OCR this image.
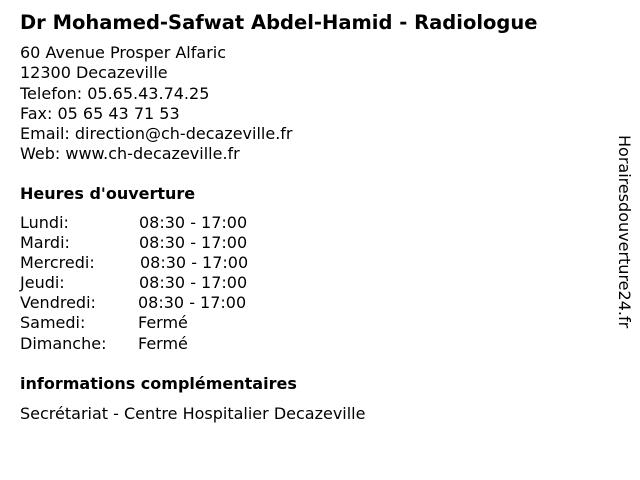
Dr Mohamed-Safwat Abdel-Hamid - Radiologue
60 Avenue Prosper Alfaric
12300 Decazeville
Telefon: 05.65.43.74.25
Fax: 05 65 43 71 53
Email: direction@ch-decazeville.fr
Web: www.ch-decazeville.fr
Heures d'ouverture
Lundi:	08:30 - 17:00
Mardi:	08:30 - 17:00
Mercredi:	08:30 - 17:00
Jeudi:	08:30 - 17:00
Vendredi:	08:30 - 17:00
Samedi:	Fermé
Dimanche: Fermé
informations complémentaires
Secrétariat - Centre Hospitalier Decazeville
Horairesdouverture24.fr
